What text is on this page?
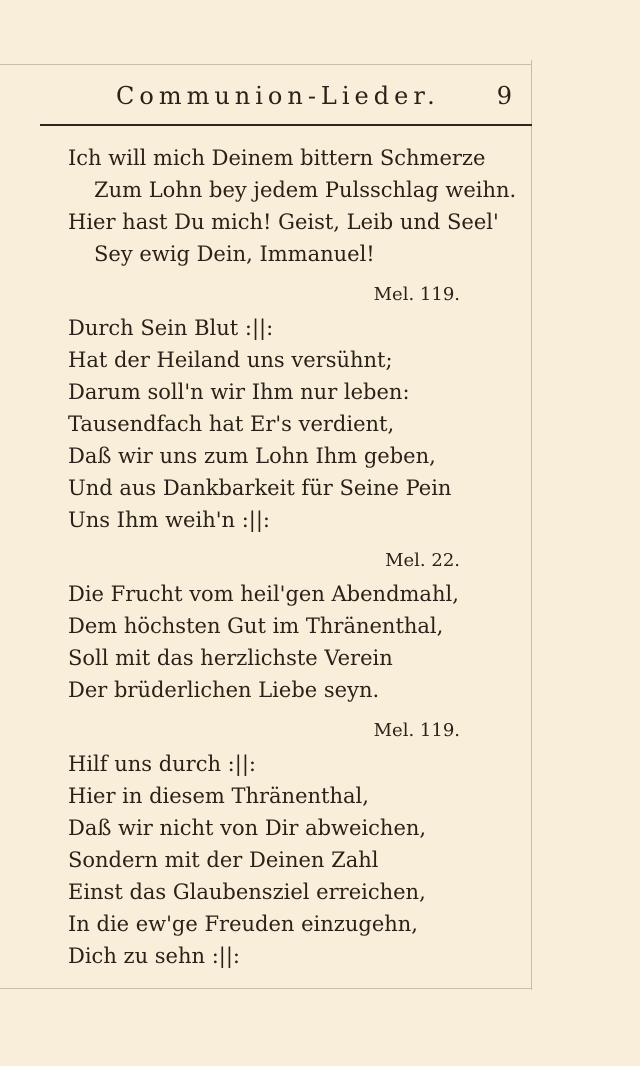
Communion-Lieder. 9
Ich will mich Deinem bittern Schmerze
Zum Lohn bey jedem Pulsschlag weihn.
Hier hast Du mich! Geist, Leib und Seel'
Sey ewig Dein, Immanuel!
Mel. 119.
Durch Sein Blut :||:
Hat der Heiland uns versühnt;
Darum soll'n wir Ihm nur leben:
Tausendfach hat Er's verdient,
Daß wir uns zum Lohn Ihm geben,
Und aus Dankbarkeit für Seine Pein
Uns Ihm weih'n :||:
Mel. 22.
Die Frucht vom heil'gen Abendmahl,
Dem höchsten Gut im Thränenthal,
Soll mit das herzlichste Verein
Der brüderlichen Liebe seyn.
Mel. 119.
Hilf uns durch :||:
Hier in diesem Thränenthal,
Daß wir nicht von Dir abweichen,
Sondern mit der Deinen Zahl
Einst das Glaubensziel erreichen,
In die ew'ge Freuden einzugehn,
Dich zu sehn :||:
